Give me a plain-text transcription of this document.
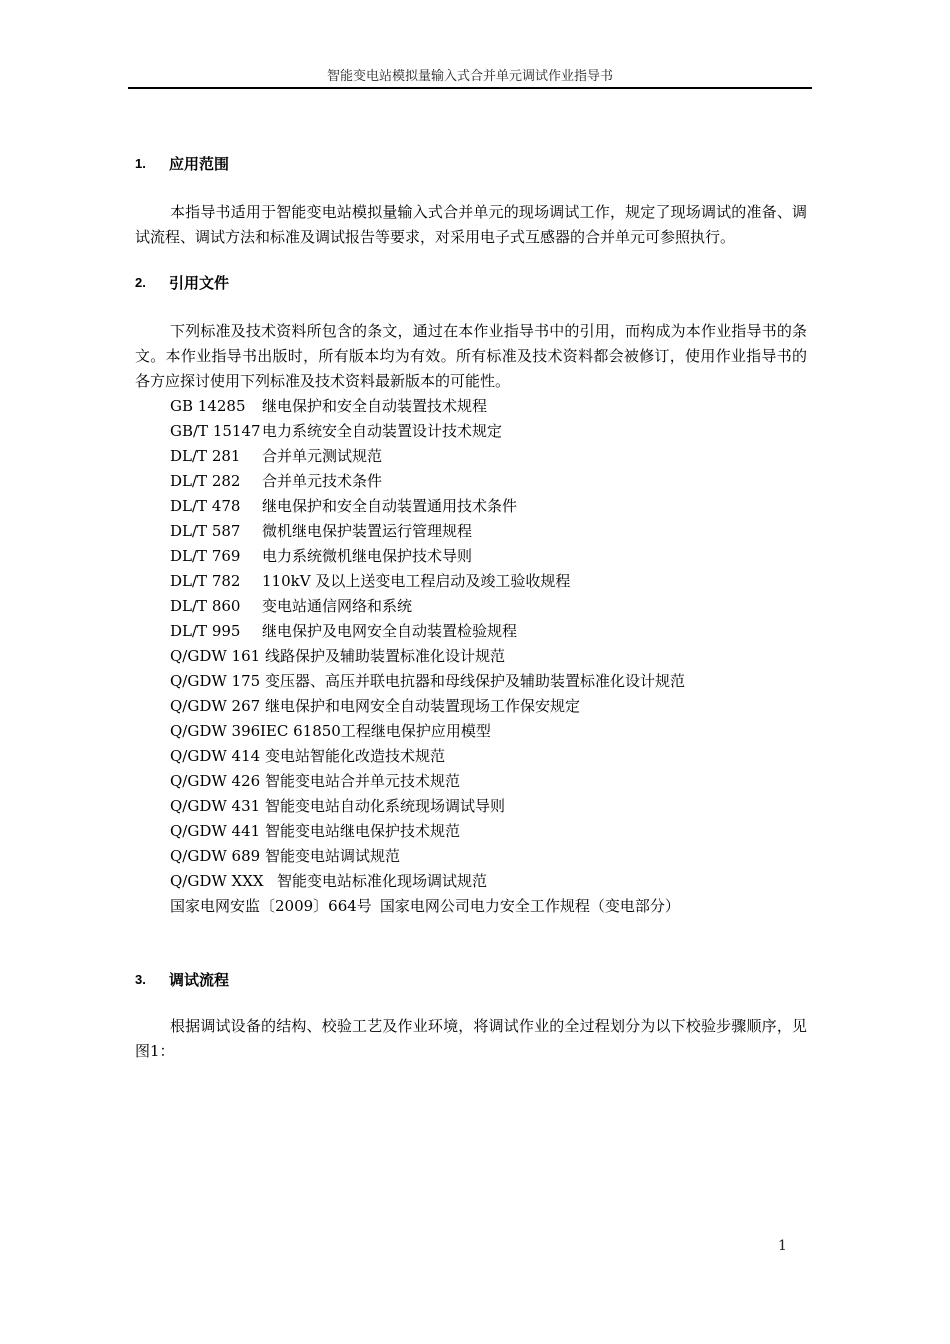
智能变电站模拟量输入式合并单元调试作业指导书
1.	应用范围

本指导书适用于智能变电站模拟量输入式合并单元的现场调试工作，规定了现场调试的准备、调试流程、调试方法和标准及调试报告等要求，对采用电子式互感器的合并单元可参照执行。

2.	引用文件

下列标准及技术资料所包含的条文，通过在本作业指导书中的引用，而构成为本作业指导书的条文。本作业指导书出版时，所有版本均为有效。所有标准及技术资料都会被修订，使用作业指导书的各方应探讨使用下列标准及技术资料最新版本的可能性。

GB 14285	继电保护和安全自动装置技术规程
GB/T 15147 电力系统安全自动装置设计技术规定
DL/T 281	合并单元测试规范
DL/T 282	合并单元技术条件
DL/T 478	继电保护和安全自动装置通用技术条件
DL/T 587	微机继电保护装置运行管理规程
DL/T 769	电力系统微机继电保护技术导则
DL/T 782	110kV 及以上送变电工程启动及竣工验收规程
DL/T 860	变电站通信网络和系统
DL/T 995	继电保护及电网安全自动装置检验规程
Q/GDW 161 线路保护及辅助装置标准化设计规范
Q/GDW 175 变压器、高压并联电抗器和母线保护及辅助装置标准化设计规范
Q/GDW 267 继电保护和电网安全自动装置现场工作保安规定
Q/GDW 396 IEC 61850工程继电保护应用模型
Q/GDW 414 变电站智能化改造技术规范
Q/GDW 426 智能变电站合并单元技术规范
Q/GDW 431 智能变电站自动化系统现场调试导则
Q/GDW 441 智能变电站继电保护技术规范
Q/GDW 689 智能变电站调试规范
Q/GDW XXX 智能变电站标准化现场调试规范
国家电网安监〔2009〕664号 国家电网公司电力安全工作规程（变电部分）
3.	调试流程

根据调试设备的结构、校验工艺及作业环境，将调试作业的全过程划分为以下校验步骤顺序，见图1：

1
